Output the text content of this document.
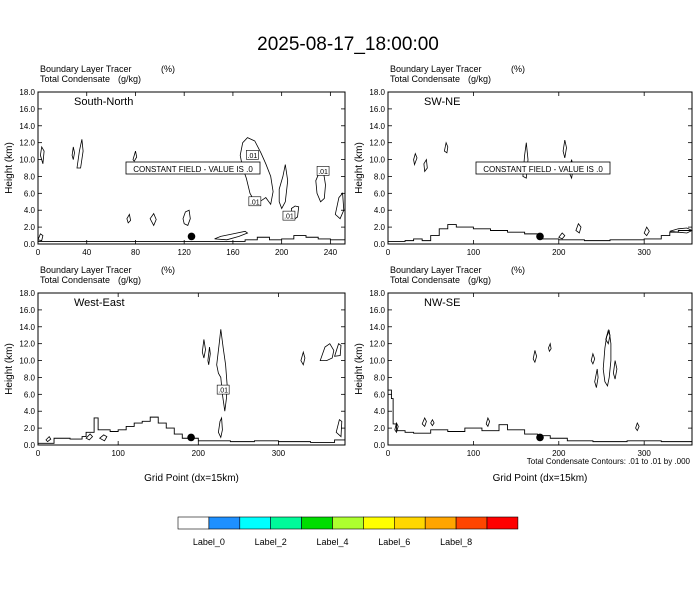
2025-08-17_18:00:00
Boundary Layer Tracer	(%)
Total Condensate (g/kg)
0.0
2.0
4.0
6.0
8.0
10.0
12.0
14.0
16.0
18.0
0	40	80	120	160	200	240
Height (km)
South-North
.01
.01
.01
.01
CONSTANT FIELD - VALUE IS .0
Boundary Layer Tracer	(%)
Total Condensate (g/kg)
0.0
2.0
4.0
6.0
8.0
10.0
12.0
14.0
16.0
18.0
0	100	200	300
Height (km)
SW-NE
CONSTANT FIELD - VALUE IS .0
Boundary Layer Tracer	(%)
Total Condensate (g/kg)
0.0
2.0
4.0
6.0
8.0
10.0
12.0
14.0
16.0
18.0
0	100	200	300
Height (km)
Grid Point (dx=15km)
West-East
.01
Boundary Layer Tracer	(%)
Total Condensate (g/kg)
0.0
2.0
4.0
6.0
8.0
10.0
12.0
14.0
16.0
18.0
0	100	200	300
Height (km)
Grid Point (dx=15km)
NW-SE
Total Condensate Contours: .01 to .01 by .000
Label_0	Label_2	Label_4	Label_6	Label_8
